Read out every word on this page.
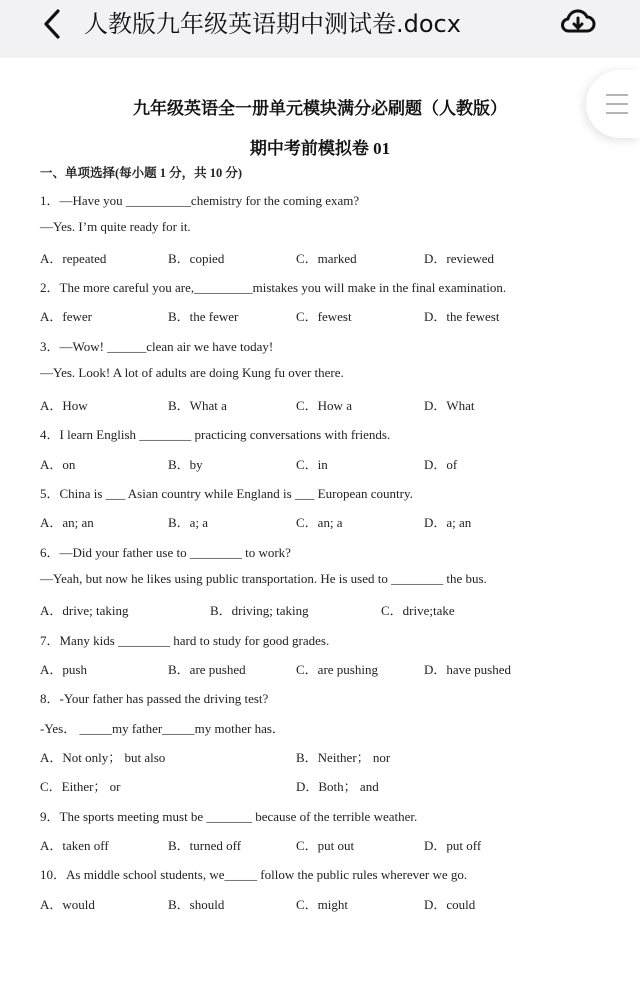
人教版九年级英语期中测试卷.docx
九年级英语全一册单元模块满分必刷题（人教版）
期中考前模拟卷 01
一、单项选择(每小题 1 分，共 10 分)
1．—Have you __________chemistry for the coming exam?
—Yes. I’m quite ready for it.
A．repeated	B．copied	C．marked	D．reviewed
2．The more careful you are,_________mistakes you will make in the final examination.
A．fewer	B．the fewer	C．fewest	D．the fewest
3．—Wow! ______clean air we have today!
—Yes. Look! A lot of adults are doing Kung fu over there.
A．How	B．What a	C．How a	D．What
4．I learn English ________ practicing conversations with friends.
A．on	B．by	C．in	D．of
5．China is ___ Asian country while England is ___ European country.
A．an; an	B．a; a	C．an; a	D．a; an
6．—Did your father use to ________ to work?
—Yeah, but now he likes using public transportation. He is used to ________ the bus.
A．drive; taking	B．driving; taking	C．drive;take
7．Many kids ________ hard to study for good grades.
A．push	B．are pushed	C．are pushing	D．have pushed
8．-Your father has passed the driving test?
-Yes． _____my father_____my mother has．
A．Not only； but also	B．Neither； nor
C．Either； or	D．Both； and
9．The sports meeting must be _______ because of the terrible weather.
A．taken off	B．turned off	C．put out	D．put off
10．As middle school students, we_____ follow the public rules wherever we go.
A．would	B．should	C．might	D．could
